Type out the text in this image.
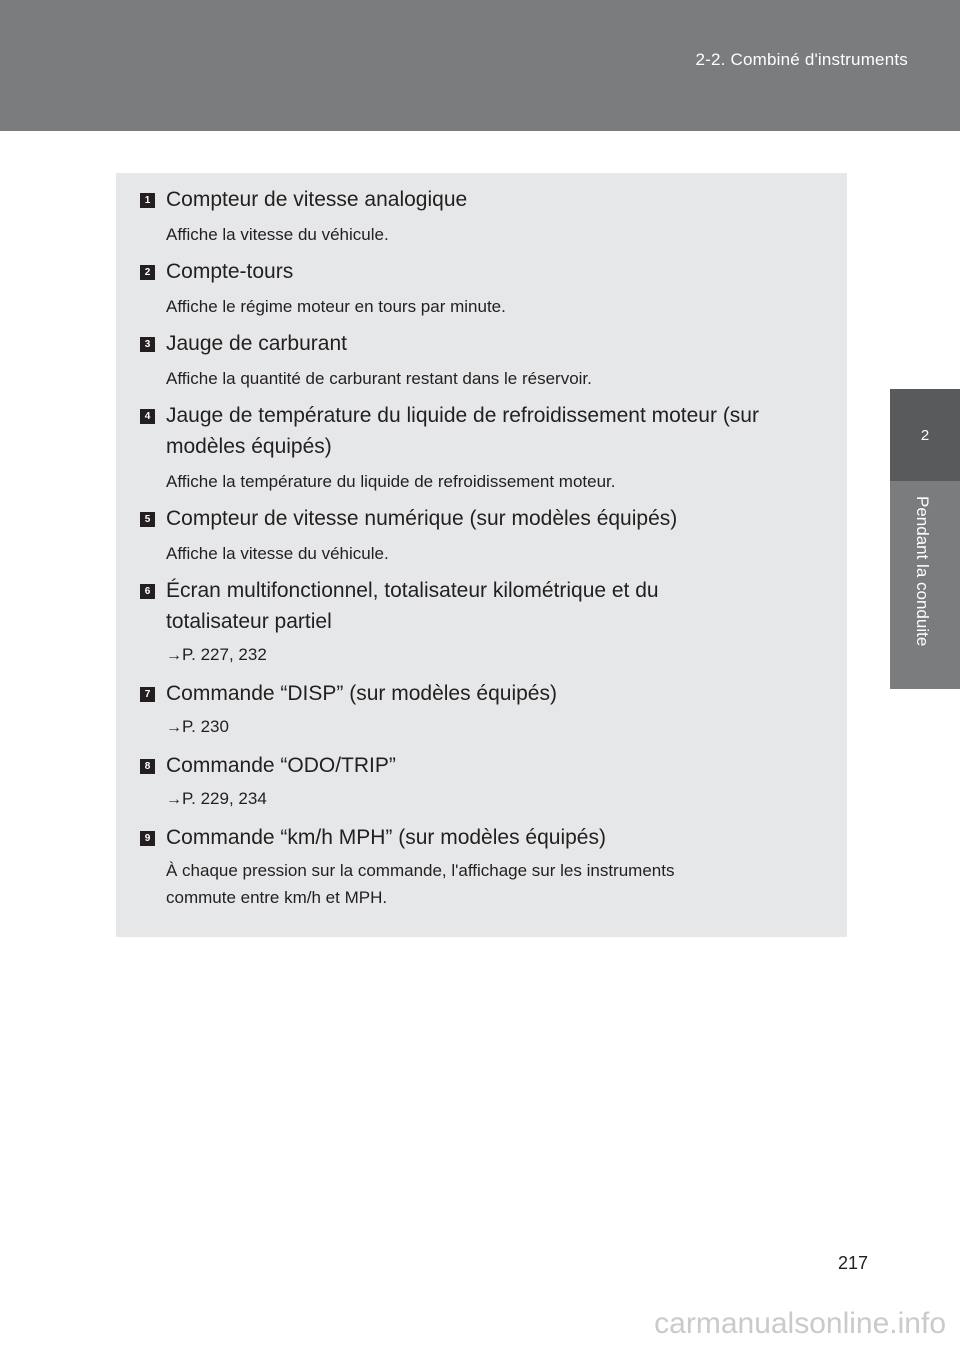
2-2. Combiné d'instruments
2
Pendant la conduite
1 Compteur de vitesse analogique
Affiche la vitesse du véhicule.
2 Compte-tours
Affiche le régime moteur en tours par minute.
3 Jauge de carburant
Affiche la quantité de carburant restant dans le réservoir.
4 Jauge de température du liquide de refroidissement moteur (sur
modèles équipés)
Affiche la température du liquide de refroidissement moteur.
5 Compteur de vitesse numérique (sur modèles équipés)
Affiche la vitesse du véhicule.
6 Écran multifonctionnel, totalisateur kilométrique et du
totalisateur partiel
→P. 227, 232
7 Commande “DISP” (sur modèles équipés)
→P. 230
8 Commande “ODO/TRIP”
→P. 229, 234
9 Commande “km/h MPH” (sur modèles équipés)
À chaque pression sur la commande, l'affichage sur les instruments
commute entre km/h et MPH.
217
carmanualsonline.info
